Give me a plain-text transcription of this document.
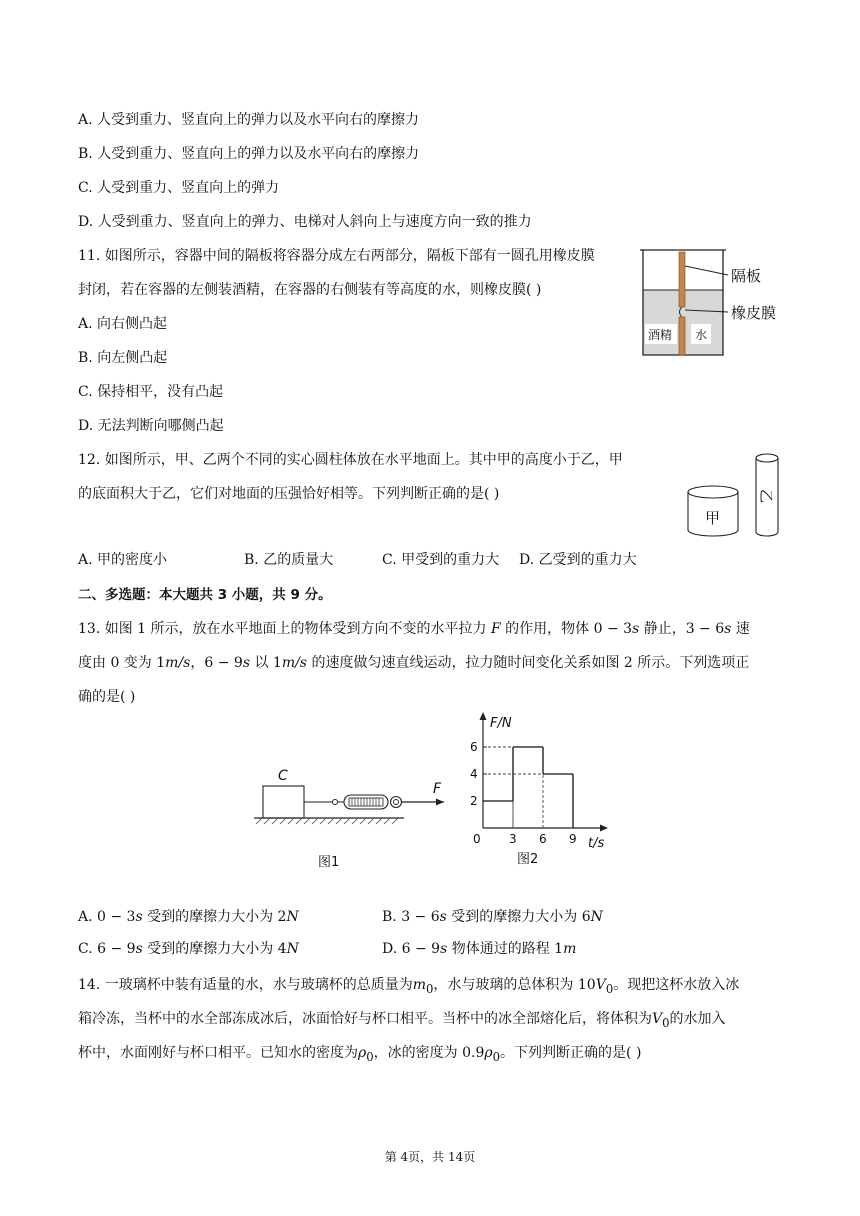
A. 人受到重力、竖直向上的弹力以及水平向右的摩擦力
B. 人受到重力、竖直向上的弹力以及水平向右的摩擦力
C. 人受到重力、竖直向上的弹力
D. 人受到重力、竖直向上的弹力、电梯对人斜向上与速度方向一致的推力
11. 如图所示，容器中间的隔板将容器分成左右两部分，隔板下部有一圆孔用橡皮膜
封闭，若在容器的左侧装酒精，在容器的右侧装有等高度的水，则橡皮膜( )
A. 向右侧凸起
B. 向左侧凸起
C. 保持相平，没有凸起
D. 无法判断向哪侧凸起
隔板
橡皮膜
酒精 水
12. 如图所示，甲、乙两个不同的实心圆柱体放在水平地面上。其中甲的高度小于乙，甲
的底面积大于乙，它们对地面的压强恰好相等。下列判断正确的是( )
A. 甲的密度小	B. 乙的质量大	C. 甲受到的重力大 D. 乙受到的重力大
甲
乙
二、多选题：本大题共 3 小题，共 9 分。
13. 如图 1 所示，放在水平地面上的物体受到方向不变的水平拉力 F 的作用，物体 0 − 3s 静止，3 − 6s 速
度由 0 变为 1m/s，6 − 9s 以 1m/s 的速度做匀速直线运动，拉力随时间变化关系如图 2 所示。下列选项正
确的是( )
C
F
图1
F/N
t/s
图2
0 3 6 9
2
4
6
A. 0 − 3s 受到的摩擦力大小为 2N	B. 3 − 6s 受到的摩擦力大小为 6N
C. 6 − 9s 受到的摩擦力大小为 4N	D. 6 − 9s 物体通过的路程 1m
14. 一玻璃杯中装有适量的水，水与玻璃杯的总质量为$m_0$，水与玻璃的总体积为 $10V_0$。现把这杯水放入冰
箱冷冻，当杯中的水全部冻成冰后，冰面恰好与杯口相平。当杯中的冰全部熔化后，将体积为$V_0$的水加入
杯中，水面刚好与杯口相平。已知水的密度为$\rho_0$，冰的密度为 $0.9\rho_0$。下列判断正确的是( )
第 4页，共 14页
